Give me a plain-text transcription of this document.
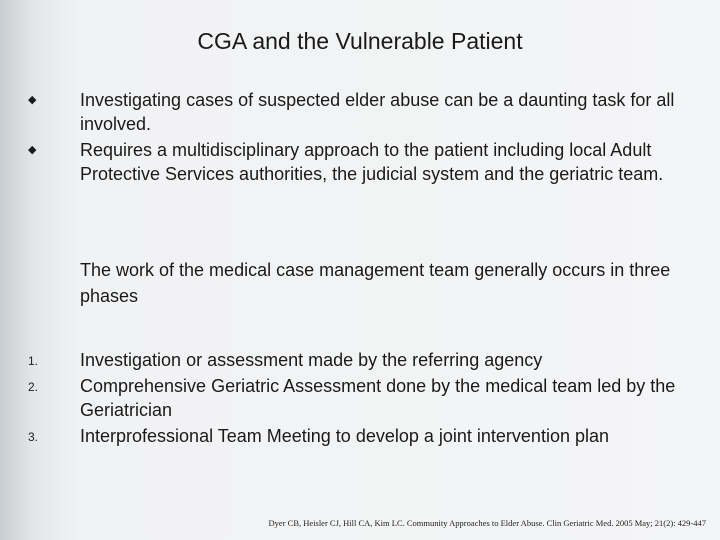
CGA and the Vulnerable Patient
◆	Investigating cases of suspected elder abuse can be a daunting task for all involved.
◆	Requires a multidisciplinary approach to the patient including local Adult Protective Services authorities, the judicial system and the geriatric team.

The work of the medical case management team generally occurs in three phases

1. Investigation or assessment made by the referring agency
2. Comprehensive Geriatric Assessment done by the medical team led by the Geriatrician
3. Interprofessional Team Meeting to develop a joint intervention plan
Dyer CB, Heisler CJ, Hill CA, Kim LC. Community Approaches to Elder Abuse. Clin Geriatric Med. 2005 May; 21(2): 429-447
